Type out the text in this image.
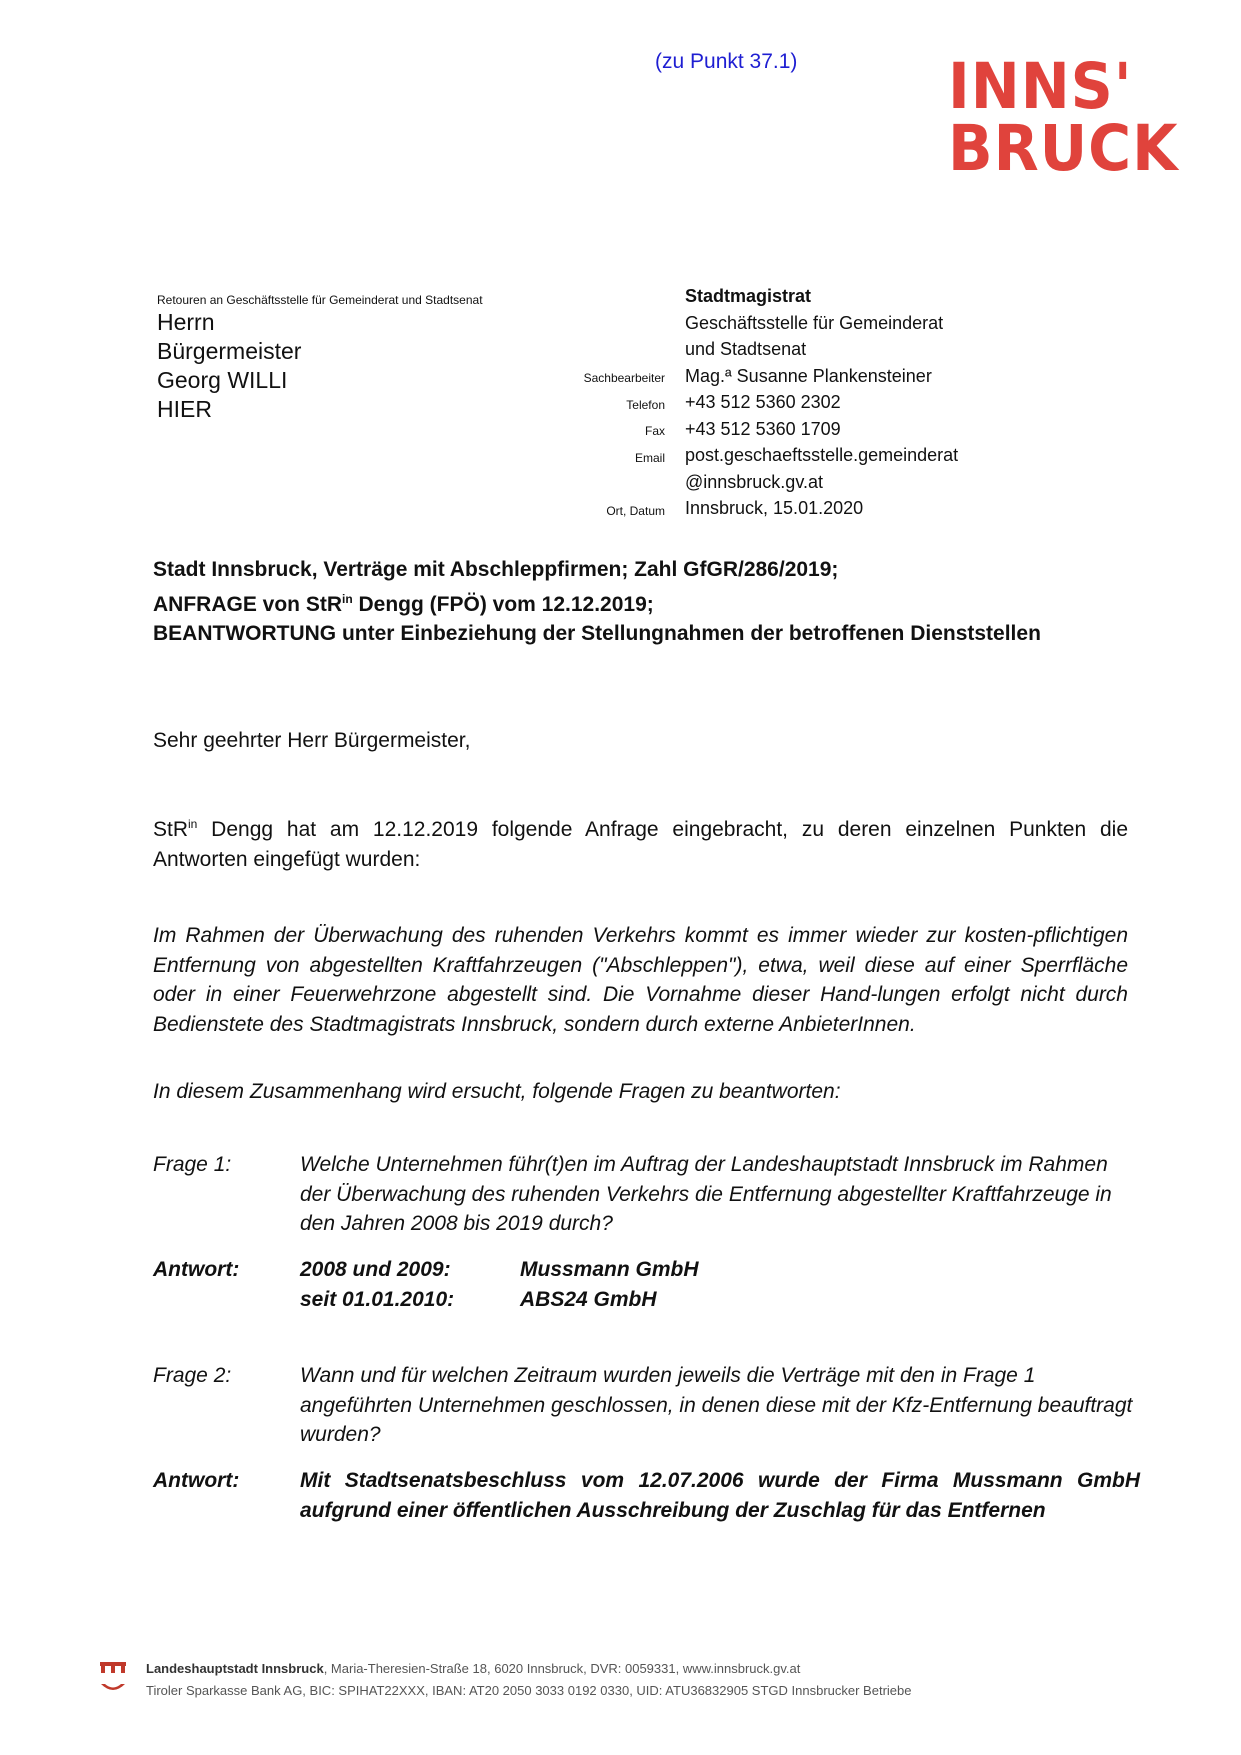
(zu Punkt 37.1) INNS'
BRUCK
Retouren an Geschäftsstelle für Gemeinderat und Stadtsenat
Herrn
Bürgermeister
Georg WILLI
HIER
Stadtmagistrat
Geschäftsstelle für Gemeinderat
und Stadtsenat
Sachbearbeiter	Mag.ª Susanne Plankensteiner
Telefon	+43 512 5360 2302
Fax	+43 512 5360 1709
Email	post.geschaeftsstelle.gemeinderat
@innsbruck.gv.at
Ort, Datum	Innsbruck, 15.01.2020
Stadt Innsbruck, Verträge mit Abschleppfirmen; Zahl GfGR/286/2019;
ANFRAGE von StR$^{in}$ Dengg (FPÖ) vom 12.12.2019;
BEANTWORTUNG unter Einbeziehung der Stellungnahmen der betroffenen Dienststellen
Sehr geehrter Herr Bürgermeister,
StR$^{in}$ Dengg hat am 12.12.2019 folgende Anfrage eingebracht, zu deren einzelnen Punkten die Antworten eingefügt wurden:
Im Rahmen der Überwachung des ruhenden Verkehrs kommt es immer wieder zur kosten-pflichtigen Entfernung von abgestellten Kraftfahrzeugen ("Abschleppen"), etwa, weil diese auf einer Sperrfläche oder in einer Feuerwehrzone abgestellt sind. Die Vornahme dieser Hand-lungen erfolgt nicht durch Bedienstete des Stadtmagistrats Innsbruck, sondern durch externe AnbieterInnen.
In diesem Zusammenhang wird ersucht, folgende Fragen zu beantworten:
Frage 1:	Welche Unternehmen führ(t)en im Auftrag der Landeshauptstadt Innsbruck im Rahmen der Überwachung des ruhenden Verkehrs die Entfernung abgestellter Kraftfahrzeuge in den Jahren 2008 bis 2019 durch?
Antwort:	2008 und 2009:	Mussmann GmbH
seit 01.01.2010:	ABS24 GmbH
Frage 2:	Wann und für welchen Zeitraum wurden jeweils die Verträge mit den in Frage 1 angeführten Unternehmen geschlossen, in denen diese mit der Kfz-Entfernung beauftragt wurden?
Antwort:	Mit Stadtsenatsbeschluss vom 12.07.2006 wurde der Firma Mussmann GmbH aufgrund einer öffentlichen Ausschreibung der Zuschlag für das Entfernen
Landeshauptstadt Innsbruck, Maria-Theresien-Straße 18, 6020 Innsbruck, DVR: 0059331, www.innsbruck.gv.at
Tiroler Sparkasse Bank AG, BIC: SPIHAT22XXX, IBAN: AT20 2050 3033 0192 0330, UID: ATU36832905 STGD Innsbrucker Betriebe
